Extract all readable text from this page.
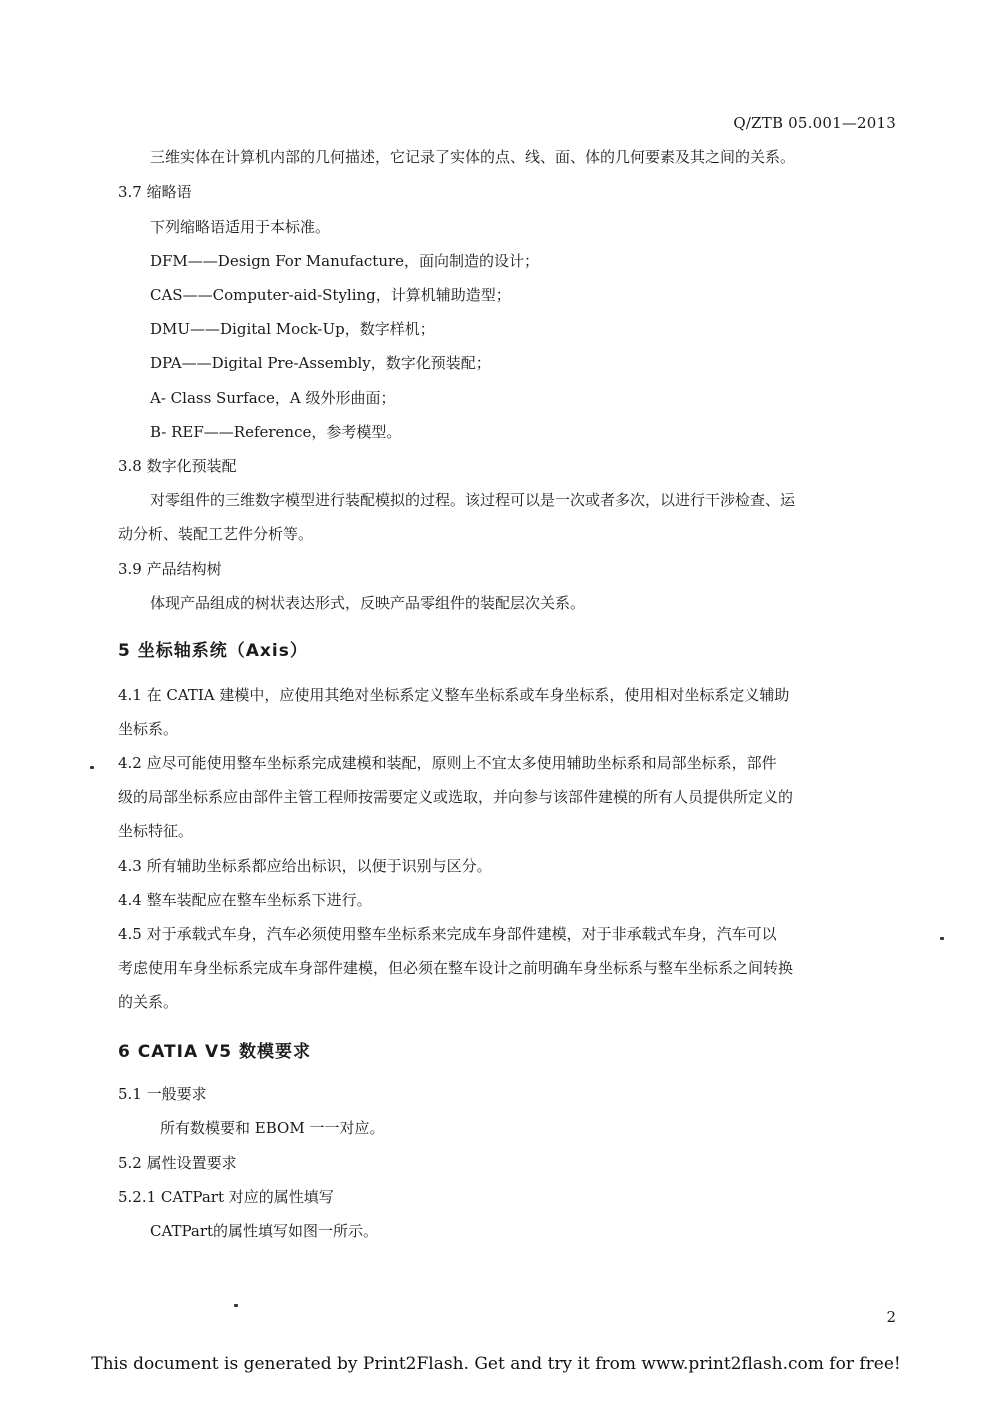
Q/ZTB 05.001—2013
三维实体在计算机内部的几何描述，它记录了实体的点、线、面、体的几何要素及其之间的关系。
3.7 缩略语
下列缩略语适用于本标准。
DFM——Design For Manufacture，面向制造的设计；
CAS——Computer-aid-Styling，计算机辅助造型；
DMU——Digital Mock-Up，数字样机；
DPA——Digital Pre-Assembly，数字化预装配；
A- Class Surface，A 级外形曲面；
B- REF——Reference，参考模型。
3.8 数字化预装配
对零组件的三维数字模型进行装配模拟的过程。该过程可以是一次或者多次，以进行干涉检查、运
动分析、装配工艺件分析等。
3.9 产品结构树
体现产品组成的树状表达形式，反映产品零组件的装配层次关系。
5 坐标轴系统（Axis）
4.1 在 CATIA 建模中，应使用其绝对坐标系定义整车坐标系或车身坐标系，使用相对坐标系定义辅助
坐标系。
4.2 应尽可能使用整车坐标系完成建模和装配，原则上不宜太多使用辅助坐标系和局部坐标系，部件
级的局部坐标系应由部件主管工程师按需要定义或选取，并向参与该部件建模的所有人员提供所定义的
坐标特征。
4.3 所有辅助坐标系都应给出标识，以便于识别与区分。
4.4 整车装配应在整车坐标系下进行。
4.5 对于承载式车身，汽车必须使用整车坐标系来完成车身部件建模，对于非承载式车身，汽车可以
考虑使用车身坐标系完成车身部件建模，但必须在整车设计之前明确车身坐标系与整车坐标系之间转换
的关系。
6 CATIA V5 数模要求
5.1 一般要求
所有数模要和 EBOM 一一对应。
5.2 属性设置要求
5.2.1 CATPart 对应的属性填写
CATPart的属性填写如图一所示。
2
This document is generated by Print2Flash. Get and try it from www.print2flash.com for free!
